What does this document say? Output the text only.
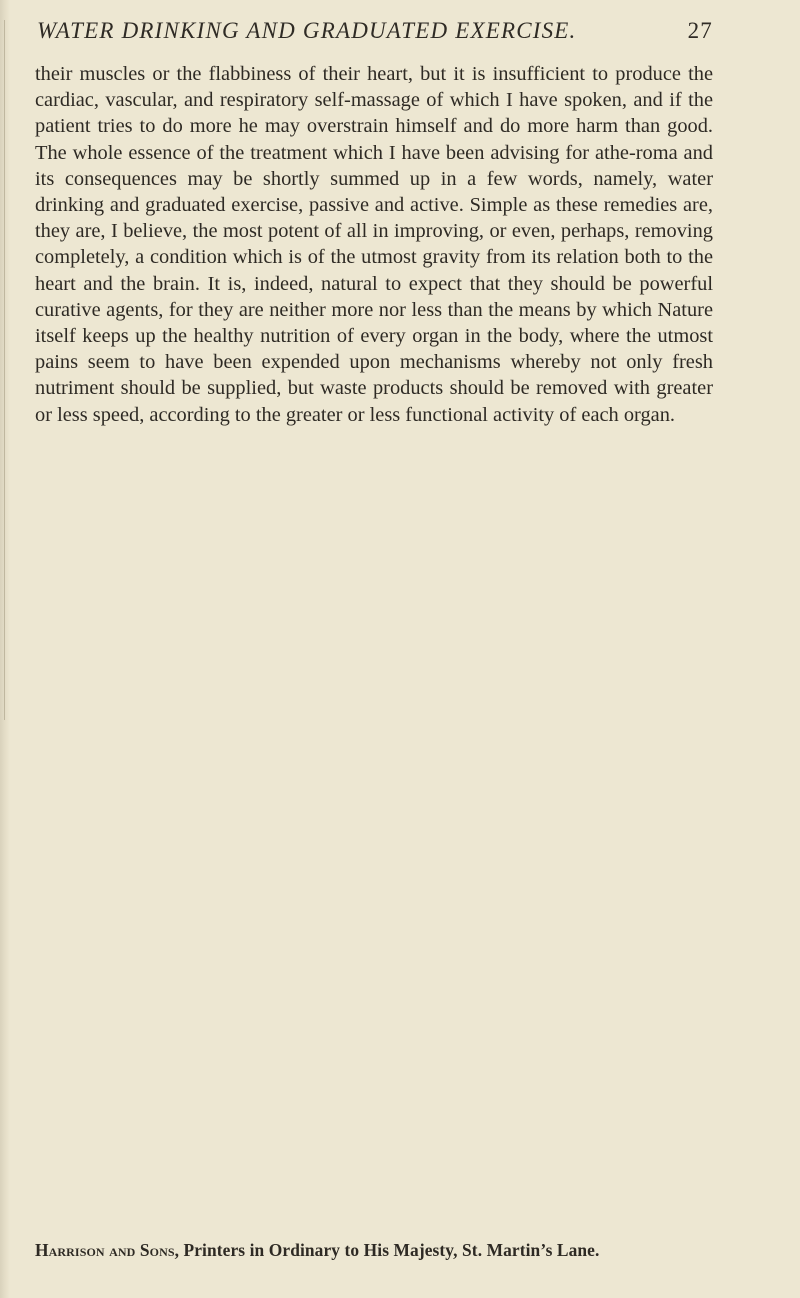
WATER DRINKING AND GRADUATED EXERCISE.	27

their muscles or the flabbiness of their heart, but it is insufficient to produce the cardiac, vascular, and respiratory self-massage of which I have spoken, and if the patient tries to do more he may overstrain himself and do more harm than good. The whole essence of the treatment which I have been advising for athe-roma and its consequences may be shortly summed up in a few words, namely, water drinking and graduated exercise, passive and active. Simple as these remedies are, they are, I believe, the most potent of all in improving, or even, perhaps, removing completely, a condition which is of the utmost gravity from its relation both to the heart and the brain. It is, indeed, natural to expect that they should be powerful curative agents, for they are neither more nor less than the means by which Nature itself keeps up the healthy nutrition of every organ in the body, where the utmost pains seem to have been expended upon mechanisms whereby not only fresh nutriment should be supplied, but waste products should be removed with greater or less speed, according to the greater or less functional activity of each organ.

Harrison and Sons, Printers in Ordinary to His Majesty, St. Martin’s Lane.
